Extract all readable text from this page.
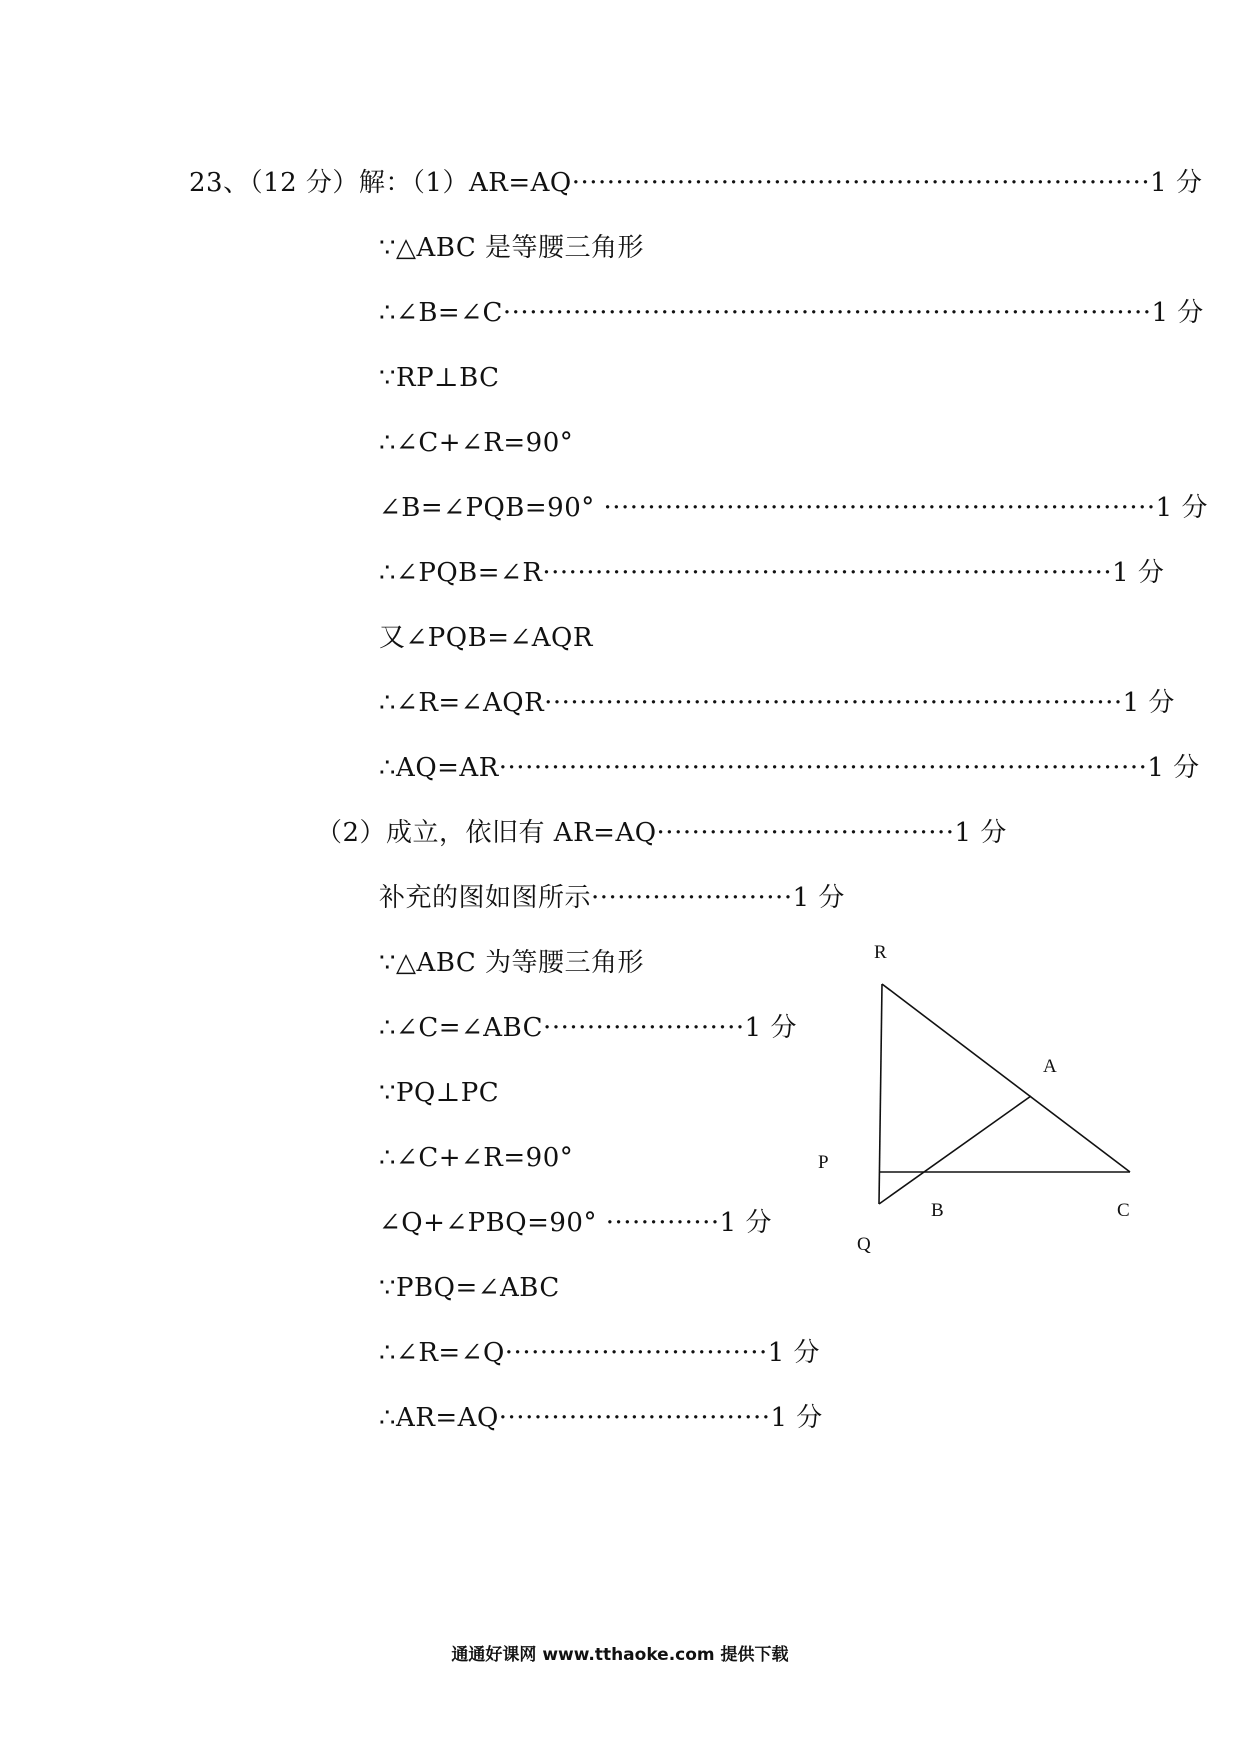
23、（12 分）解：（1）AR=AQ··································································1 分
∵△ABC 是等腰三角形
∴∠B=∠C··········································································1 分
∵RP⊥BC
∴∠C+∠R=90°
∠B=∠PQB=90° ·······························································1 分
∴∠PQB=∠R·································································1 分
又∠PQB=∠AQR
∴∠R=∠AQR··································································1 分
∴AQ=AR··········································································1 分
（2）成立，依旧有 AR=AQ··································1 分
补充的图如图所示·······················1 分
∵△ABC 为等腰三角形
∴∠C=∠ABC·······················1 分
∵PQ⊥PC
∴∠C+∠R=90°
∠Q+∠PBQ=90° ·············1 分
∵PBQ=∠ABC
∴∠R=∠Q······························1 分
∴AR=AQ·······························1 分
R
A
P
B	C
Q
通通好课网 www.tthaoke.com 提供下载
